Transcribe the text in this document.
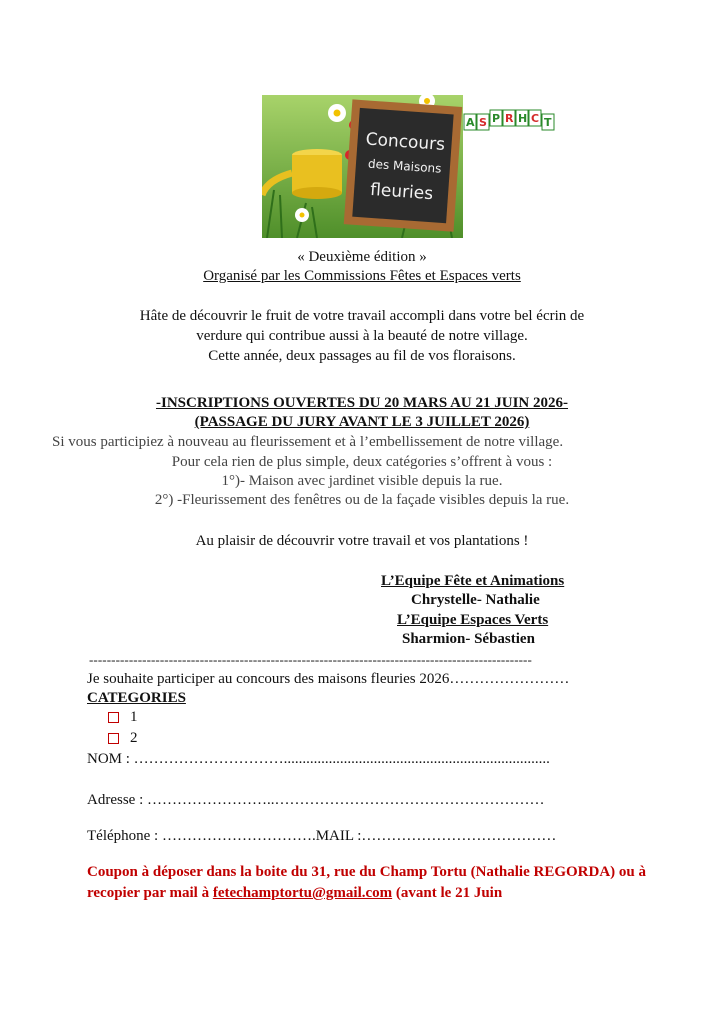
Concours
des Maisons
fleuries
A S P R H C T
« Deuxième édition »
Organisé par les Commissions Fêtes et Espaces verts
Hâte de découvrir le fruit de votre travail accompli dans votre bel écrin de
verdure qui contribue aussi à la beauté de notre village.
Cette année, deux passages au fil de vos floraisons.
-INSCRIPTIONS OUVERTES DU 20 MARS AU 21 JUIN 2026-
(PASSAGE DU JURY AVANT LE 3 JUILLET 2026)
Si vous participiez à nouveau au fleurissement et à l’embellissement de notre village.
Pour cela rien de plus simple, deux catégories s’offrent à vous :
1°)- Maison avec jardinet visible depuis la rue.
2°) -Fleurissement des fenêtres ou de la façade visibles depuis la rue.
Au plaisir de découvrir votre travail et vos plantations !
L’Equipe Fête et Animations
Chrystelle- Nathalie
L’Equipe Espaces Verts
Sharmion- Sébastien
----------------------------------------------------------------------------------------------------
Je souhaite participer au concours des maisons fleuries 2026……………………
CATEGORIES
1
2
NOM : ………………………….......................................................................
Adresse : ……………………..………………………………………………
Téléphone : ………………………….MAIL :…………………………………
Coupon à déposer dans la boite du 31, rue du Champ Tortu (Nathalie REGORDA) ou à recopier par mail à fetechamptortu@gmail.com (avant le 21 Juin
